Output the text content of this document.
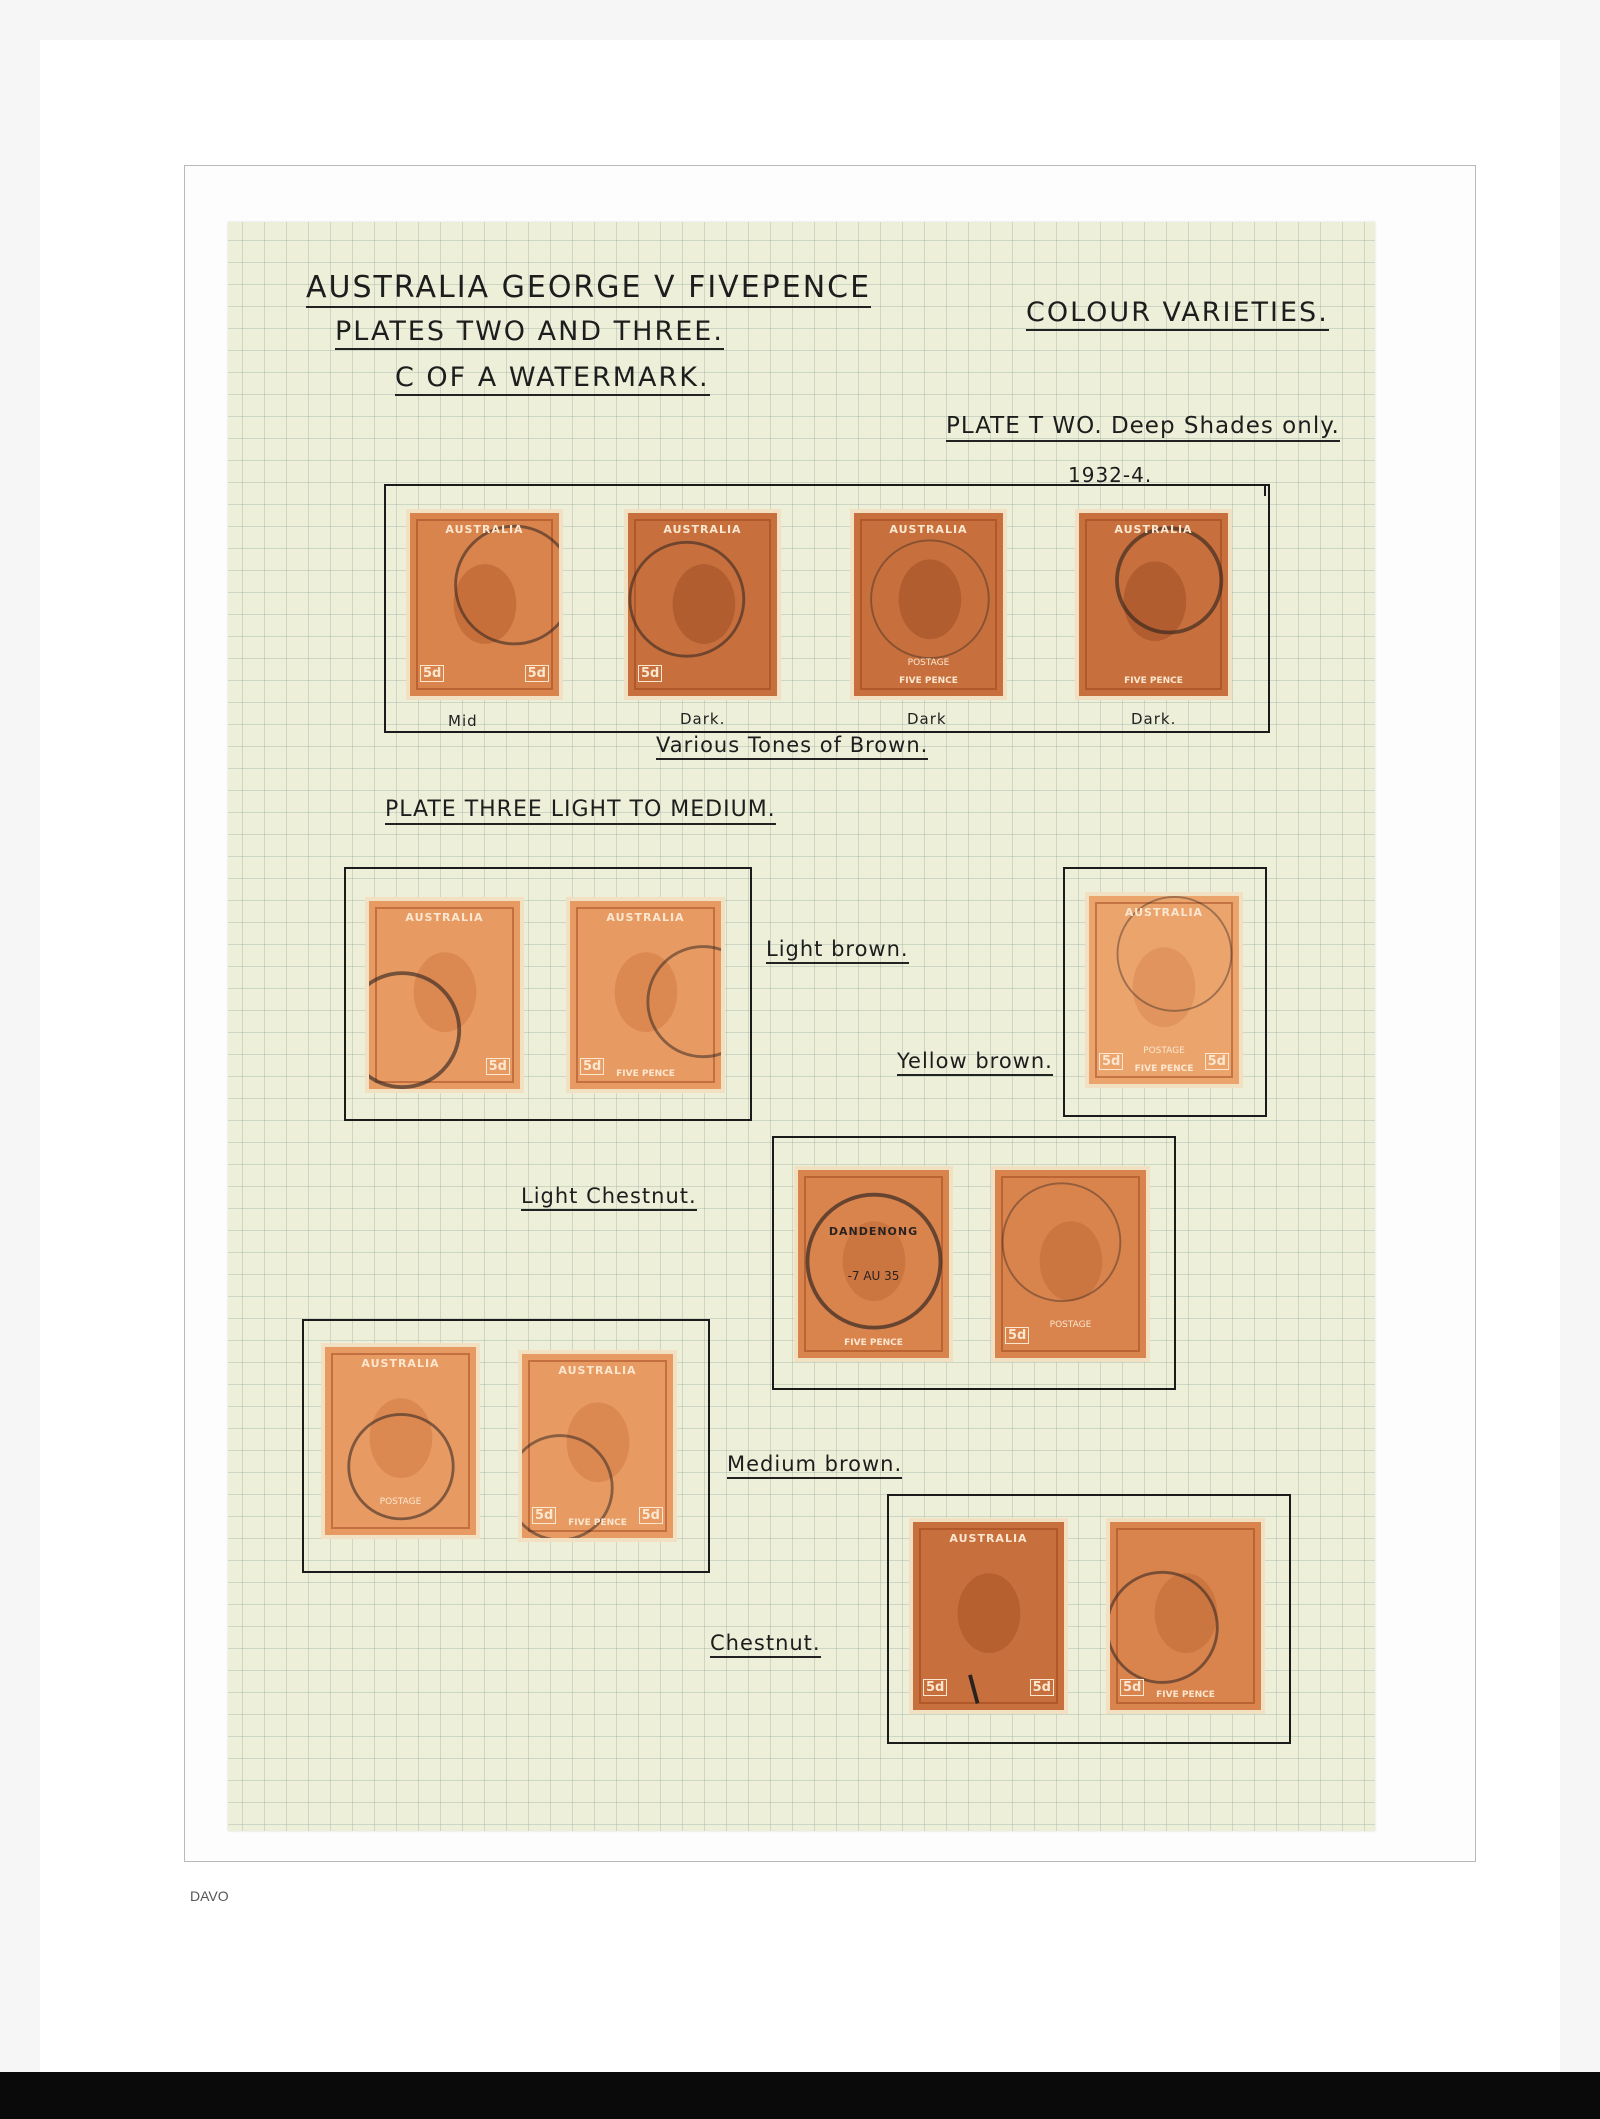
AUSTRALIA GEORGE V FIVEPENCE
PLATES TWO AND THREE.
C OF A WATERMARK.
COLOUR VARIETIES.
PLATE T WO. Deep Shades only.
1932-4.
AUSTRALIA
5d	5d
AUSTRALIA
5d
AUSTRALIA
POSTAGE
FIVE PENCE
AUSTRALIA
FIVE PENCE
Mid	Dark.	Dark	Dark.
Various Tones of Brown.
PLATE THREE LIGHT TO MEDIUM.
AUSTRALIA
5d
AUSTRALIA
FIVE PENCE
5d
Light brown.
AUSTRALIA
POSTAGE
FIVE PENCE
5d	5d
Yellow brown.
DANDENONG
-7 AU 35
FIVE PENCE
POSTAGE
5d
Light Chestnut.
AUSTRALIA
POSTAGE
AUSTRALIA
FIVE PENCE
5d	5d
Medium brown.
AUSTRALIA
5d	5d	FIVE PENCE
5d
Chestnut.
DAVO
